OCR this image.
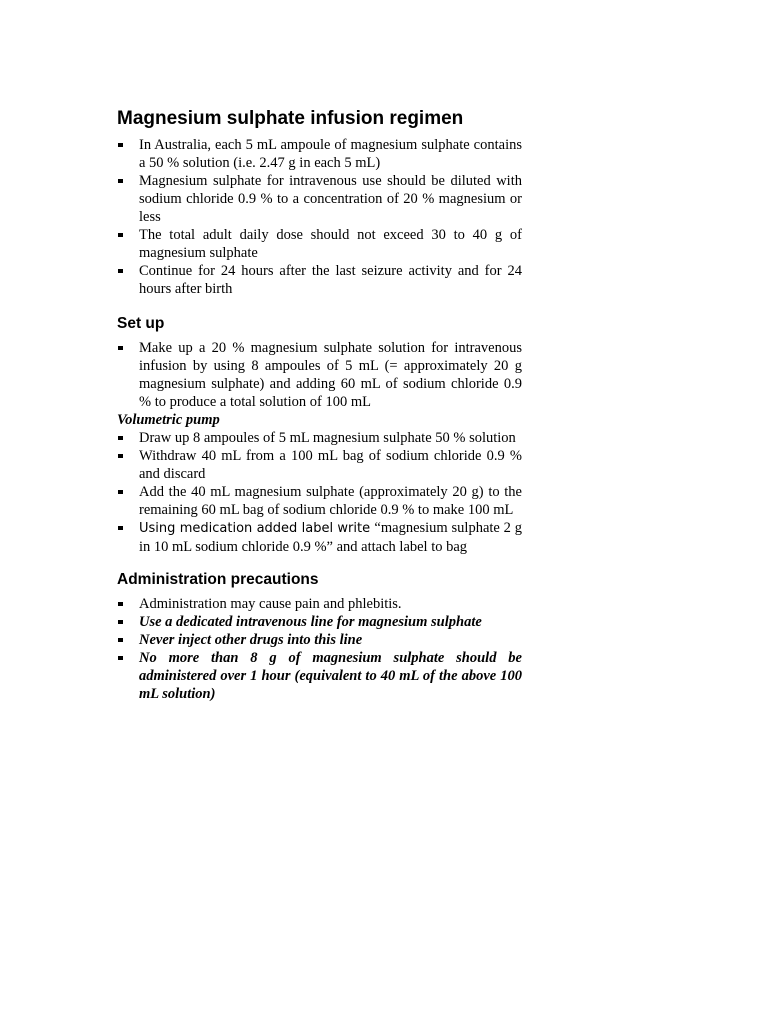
Magnesium sulphate infusion regimen
In Australia, each 5 mL ampoule of magnesium sulphate contains a 50 % solution (i.e. 2.47 g in each 5 mL)
Magnesium sulphate for intravenous use should be diluted with sodium chloride 0.9 % to a concentration of 20 % magnesium or less
The total adult daily dose should not exceed 30 to 40 g of magnesium sulphate
Continue for 24 hours after the last seizure activity and for 24 hours after birth
Set up
Make up a 20 % magnesium sulphate solution for intravenous infusion by using 8 ampoules of 5 mL (= approximately 20 g magnesium sulphate) and adding 60 mL of sodium chloride 0.9 % to produce a total solution of 100 mL

Volumetric pump

Draw up 8 ampoules of 5 mL magnesium sulphate 50 % solution
Withdraw 40 mL from a 100 mL bag of sodium chloride 0.9 % and discard
Add the 40 mL magnesium sulphate (approximately 20 g) to the remaining 60 mL bag of sodium chloride 0.9 % to make 100 mL
Using medication added label write “magnesium sulphate 2 g in 10 mL sodium chloride 0.9 %” and attach label to bag
Administration precautions
Administration may cause pain and phlebitis.
Use a dedicated intravenous line for magnesium sulphate
Never inject other drugs into this line
No more than 8 g of magnesium sulphate should be administered over 1 hour (equivalent to 40 mL of the above 100 mL solution)
